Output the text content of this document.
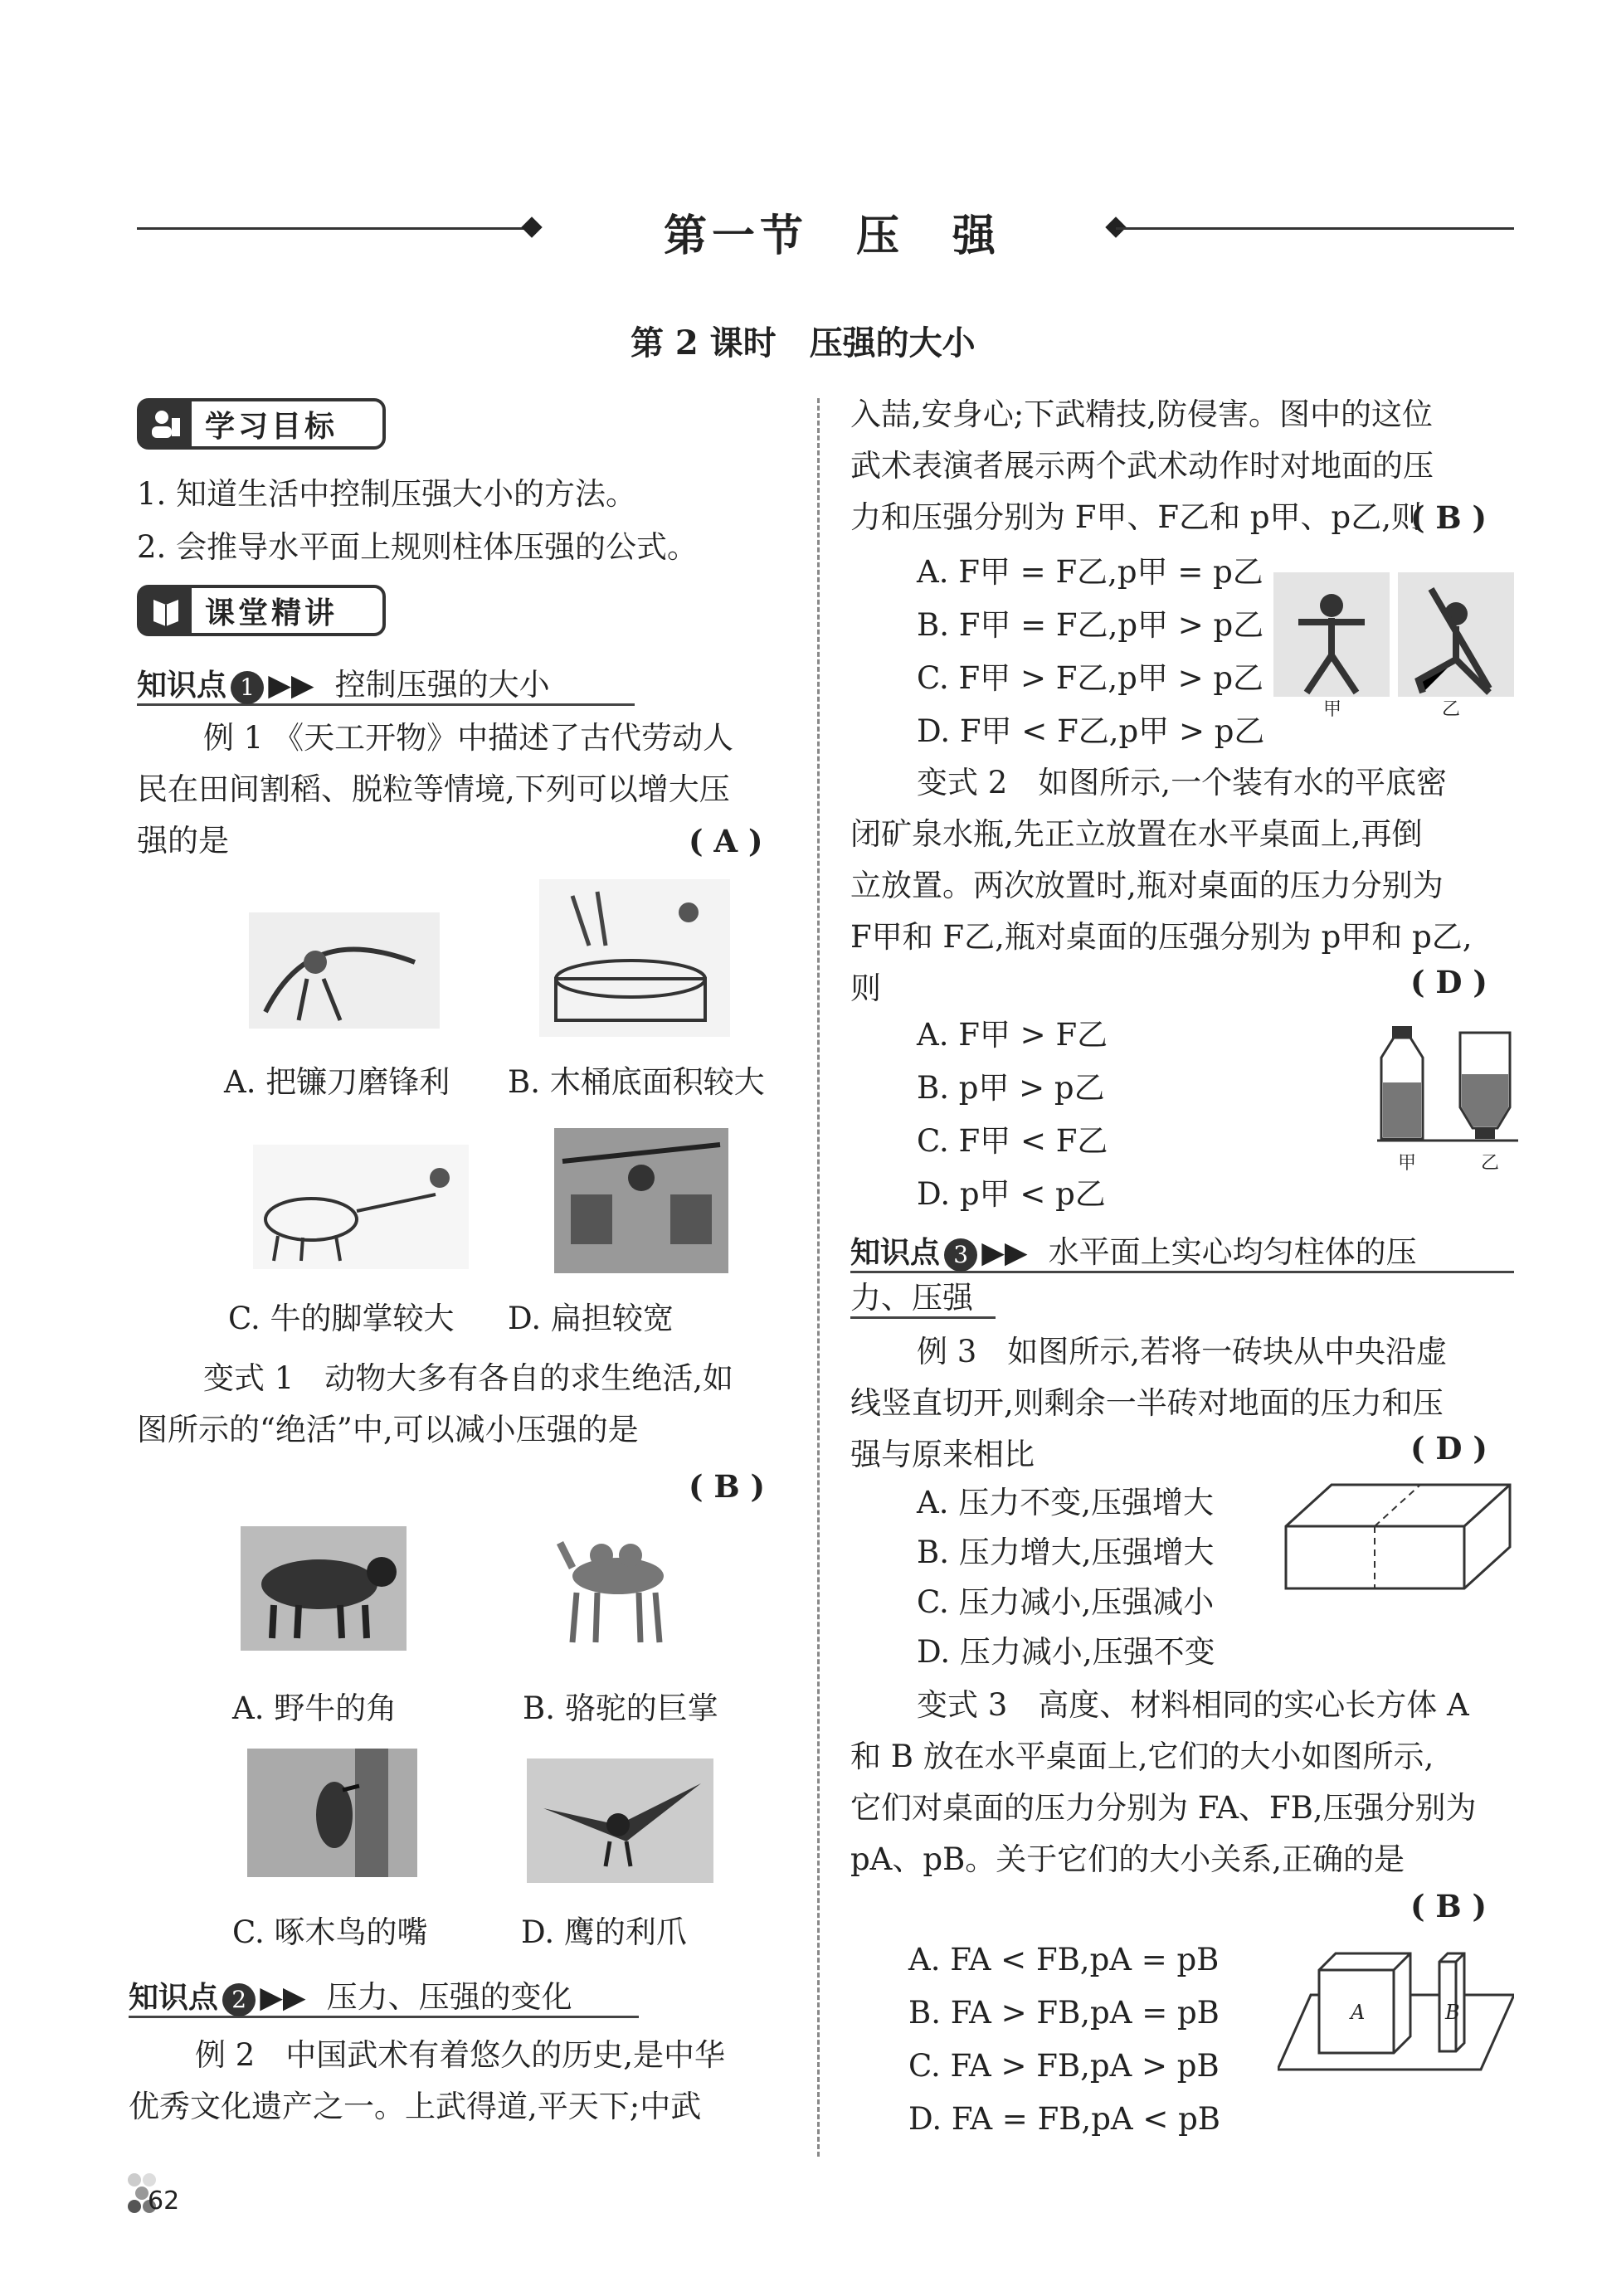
第一节　压　强
第 2 课时　压强的大小
学习目标
1. 知道生活中控制压强大小的方法。
2. 会推导水平面上规则柱体压强的公式。
课堂精讲
知识点 1 ▶▶ 控制压强的大小
例 1 《天工开物》中描述了古代劳动人
民在田间割稻、脱粒等情境,下列可以增大压
强的是	( A )
A. 把镰刀磨锋利 B. 木桶底面积较大
C. 牛的脚掌较大 D. 扁担较宽
变式 1　动物大多有各自的求生绝活,如
图所示的“绝活”中,可以减小压强的是
( B )
A. 野牛的角	B. 骆驼的巨掌
C. 啄木鸟的嘴	D. 鹰的利爪
知识点 2 ▶▶ 压力、压强的变化
例 2　中国武术有着悠久的历史,是中华
优秀文化遗产之一。上武得道,平天下;中武
62
入喆,安身心;下武精技,防侵害。图中的这位
武术表演者展示两个武术动作时对地面的压
力和压强分别为 F甲、F乙和 p甲、p乙,则
( B )
A. F甲 = F乙,p甲 = p乙
B. F甲 = F乙,p甲 > p乙
C. F甲 > F乙,p甲 > p乙
D. F甲 < F乙,p甲 > p乙
甲	乙
变式 2　如图所示,一个装有水的平底密
闭矿泉水瓶,先正立放置在水平桌面上,再倒
立放置。两次放置时,瓶对桌面的压力分别为
F甲和 F乙,瓶对桌面的压强分别为 p甲和 p乙,
则	( D )
A. F甲 > F乙
B. p甲 > p乙
C. F甲 < F乙
D. p甲 < p乙
甲	乙
知识点 3 ▶▶ 水平面上实心均匀柱体的压
力、压强
例 3　如图所示,若将一砖块从中央沿虚
线竖直切开,则剩余一半砖对地面的压力和压
强与原来相比	( D )
A. 压力不变,压强增大
B. 压力增大,压强增大
C. 压力减小,压强减小
D. 压力减小,压强不变
变式 3　高度、材料相同的实心长方体 A
和 B 放在水平桌面上,它们的大小如图所示,
它们对桌面的压力分别为 FA、FB,压强分别为
pA、pB。关于它们的大小关系,正确的是
( B )
A. FA < FB,pA = pB
B. FA > FB,pA = pB
C. FA > FB,pA > pB
D. FA = FB,pA < pB
A	B
